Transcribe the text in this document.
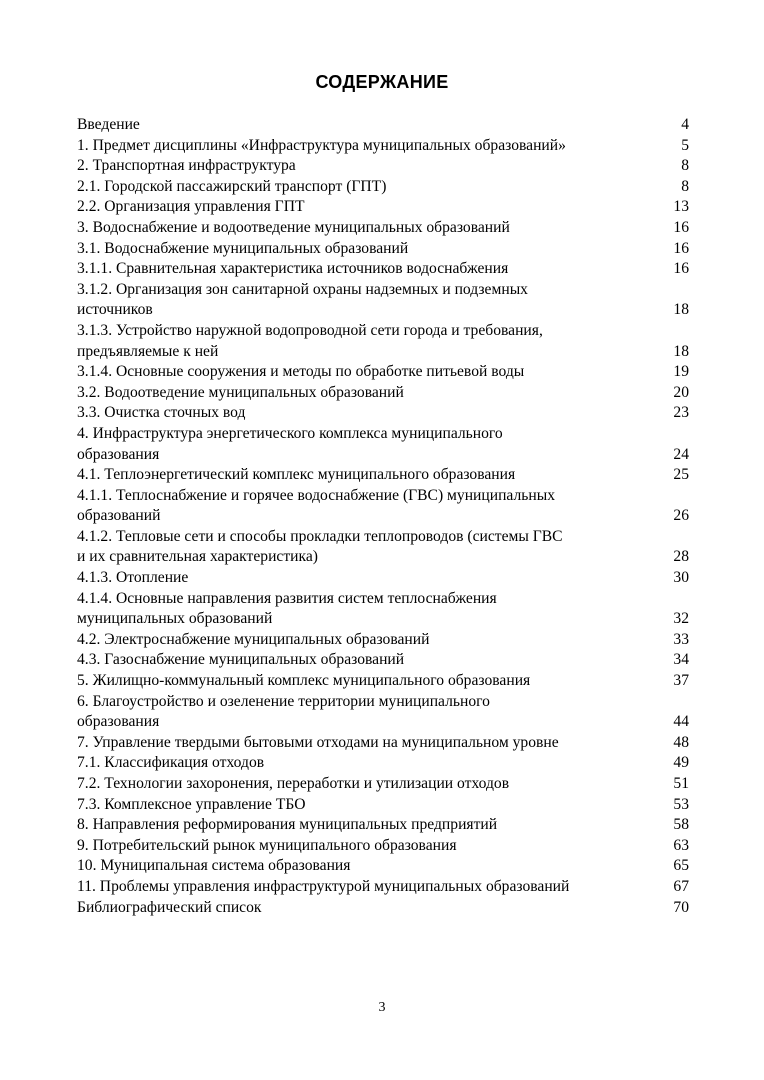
СОДЕРЖАНИЕ
Введение	4
1. Предмет дисциплины «Инфраструктура муниципальных образований»	5
2. Транспортная инфраструктура	8
2.1. Городской пассажирский транспорт (ГПТ)	8
2.2. Организация управления ГПТ	13
3. Водоснабжение и водоотведение муниципальных образований	16
3.1. Водоснабжение муниципальных образований	16
3.1.1. Сравнительная характеристика источников водоснабжения	16
3.1.2. Организация зон санитарной охраны надземных и подземных
источников	18
3.1.3. Устройство наружной водопроводной сети города и требования,
предъявляемые к ней	18
3.1.4. Основные сооружения и методы по обработке питьевой воды	19
3.2. Водоотведение муниципальных образований	20
3.3. Очистка сточных вод	23
4. Инфраструктура энергетического комплекса муниципального
образования	24
4.1. Теплоэнергетический комплекс муниципального образования	25
4.1.1. Теплоснабжение и горячее водоснабжение (ГВС) муниципальных
образований	26
4.1.2. Тепловые сети и способы прокладки теплопроводов (системы ГВС
и их сравнительная характеристика)	28
4.1.3. Отопление	30
4.1.4. Основные направления развития систем теплоснабжения
муниципальных образований	32
4.2. Электроснабжение муниципальных образований	33
4.3. Газоснабжение муниципальных образований	34
5. Жилищно-коммунальный комплекс муниципального образования	37
6. Благоустройство и озеленение территории муниципального
образования	44
7. Управление твердыми бытовыми отходами на муниципальном уровне	48
7.1. Классификация отходов	49
7.2. Технологии захоронения, переработки и утилизации отходов	51
7.3. Комплексное управление ТБО	53
8. Направления реформирования муниципальных предприятий	58
9. Потребительский рынок муниципального образования	63
10. Муниципальная система образования	65
11. Проблемы управления инфраструктурой муниципальных образований	67
Библиографический список	70
3
